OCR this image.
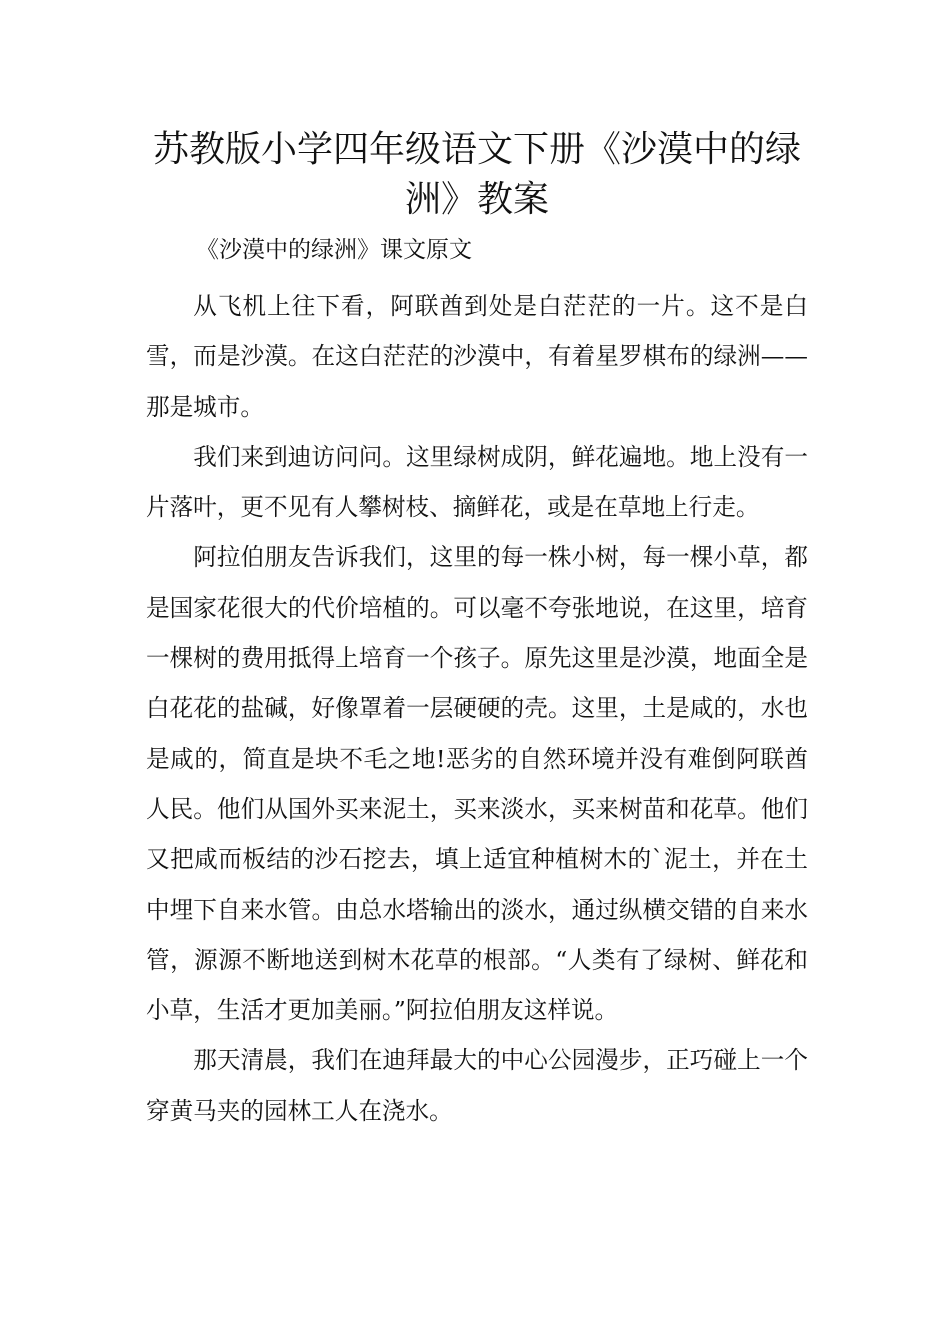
苏教版小学四年级语文下册《沙漠中的绿洲》教案

《沙漠中的绿洲》课文原文

从飞机上往下看，阿联酋到处是白茫茫的一片。这不是白雪，而是沙漠。在这白茫茫的沙漠中，有着星罗棋布的绿洲——那是城市。

我们来到迪访问问。这里绿树成阴，鲜花遍地。地上没有一片落叶，更不见有人攀树枝、摘鲜花，或是在草地上行走。

阿拉伯朋友告诉我们，这里的每一株小树，每一棵小草，都是国家花很大的代价培植的。可以毫不夸张地说，在这里，培育一棵树的费用抵得上培育一个孩子。原先这里是沙漠，地面全是白花花的盐碱，好像罩着一层硬硬的壳。这里，土是咸的，水也是咸的，简直是块不毛之地!恶劣的自然环境并没有难倒阿联酋人民。他们从国外买来泥土，买来淡水，买来树苗和花草。他们又把咸而板结的沙石挖去，填上适宜种植树木的`泥土，并在土中埋下自来水管。由总水塔输出的淡水，通过纵横交错的自来水管，源源不断地送到树木花草的根部。“人类有了绿树、鲜花和小草，生活才更加美丽。”阿拉伯朋友这样说。

那天清晨，我们在迪拜最大的中心公园漫步，正巧碰上一个穿黄马夹的园林工人在浇水。
